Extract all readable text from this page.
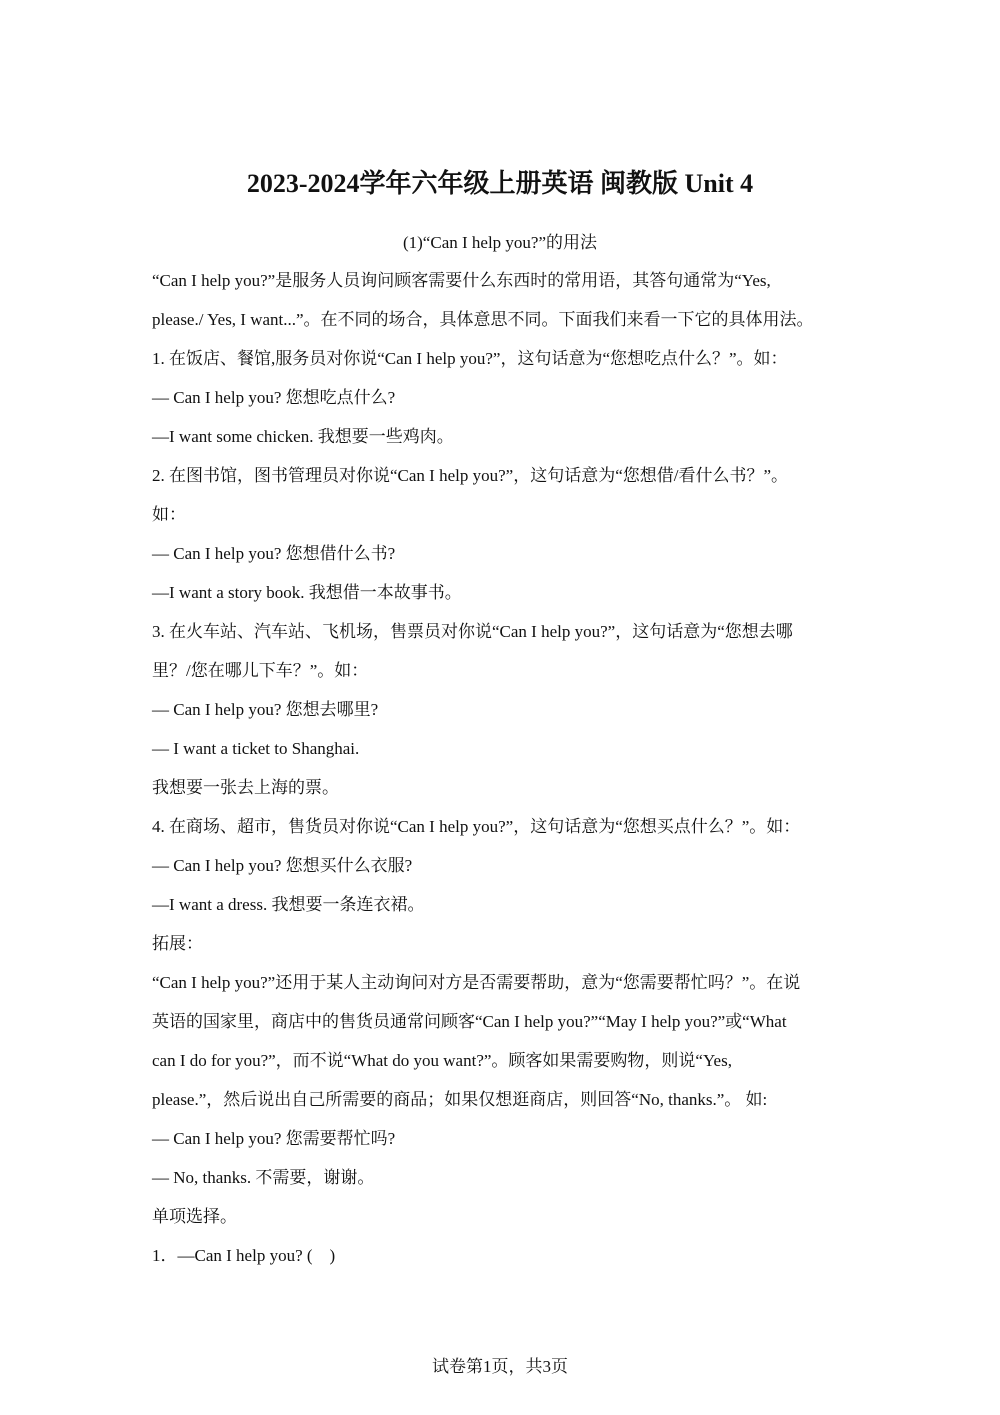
2023-2024学年六年级上册英语 闽教版 Unit 4
(1)“Can I help you?”的用法
“Can I help you?”是服务人员询问顾客需要什么东西时的常用语，其答句通常为“Yes,
please./ Yes, I want...”。在不同的场合，具体意思不同。下面我们来看一下它的具体用法。
1. 在饭店、餐馆,服务员对你说“Can I help you?”，这句话意为“您想吃点什么？”。如：
— Can I help you? 您想吃点什么?
—I want some chicken. 我想要一些鸡肉。
2. 在图书馆，图书管理员对你说“Can I help you?”，这句话意为“您想借/看什么书？”。
如：
— Can I help you? 您想借什么书?
—I want a story book. 我想借一本故事书。
3. 在火车站、汽车站、飞机场，售票员对你说“Can I help you?”，这句话意为“您想去哪
里？/您在哪儿下车？”。如：
— Can I help you? 您想去哪里?
— I want a ticket to Shanghai.
我想要一张去上海的票。
4. 在商场、超市，售货员对你说“Can I help you?”，这句话意为“您想买点什么？”。如：
— Can I help you? 您想买什么衣服?
—I want a dress. 我想要一条连衣裙。
拓展：
“Can I help you?”还用于某人主动询问对方是否需要帮助，意为“您需要帮忙吗？”。在说
英语的国家里，商店中的售货员通常问顾客“Can I help you?”“May I help you?”或“What
can I do for you?”，而不说“What do you want?”。顾客如果需要购物，则说“Yes,
please.”，然后说出自己所需要的商品；如果仅想逛商店，则回答“No, thanks.”。 如:
— Can I help you? 您需要帮忙吗?
— No, thanks. 不需要，谢谢。
单项选择。
1．—Can I help you? (　)
试卷第1页，共3页
